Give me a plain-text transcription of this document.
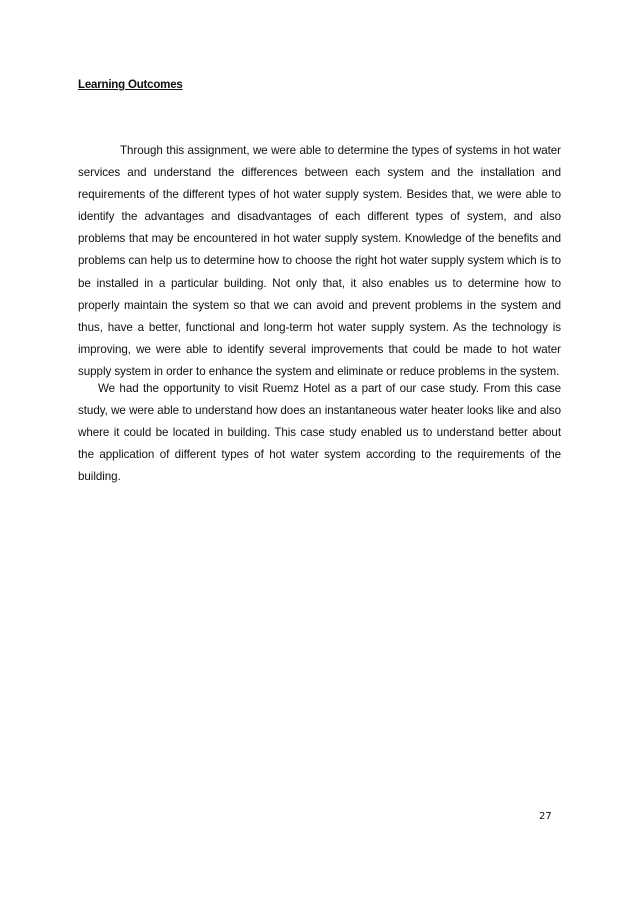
Learning Outcomes

Through this assignment, we were able to determine the types of systems in hot water services and understand the differences between each system and the installation and requirements of the different types of hot water supply system. Besides that, we were able to identify the advantages and disadvantages of each different types of system, and also problems that may be encountered in hot water supply system. Knowledge of the benefits and problems can help us to determine how to choose the right hot water supply system which is to be installed in a particular building. Not only that, it also enables us to determine how to properly maintain the system so that we can avoid and prevent problems in the system and thus, have a better, functional and long-term hot water supply system. As the technology is improving, we were able to identify several improvements that could be made to hot water supply system in order to enhance the system and eliminate or reduce problems in the system.

We had the opportunity to visit Ruemz Hotel as a part of our case study. From this case study, we were able to understand how does an instantaneous water heater looks like and also where it could be located in building. This case study enabled us to understand better about the application of different types of hot water system according to the requirements of the building.

27
